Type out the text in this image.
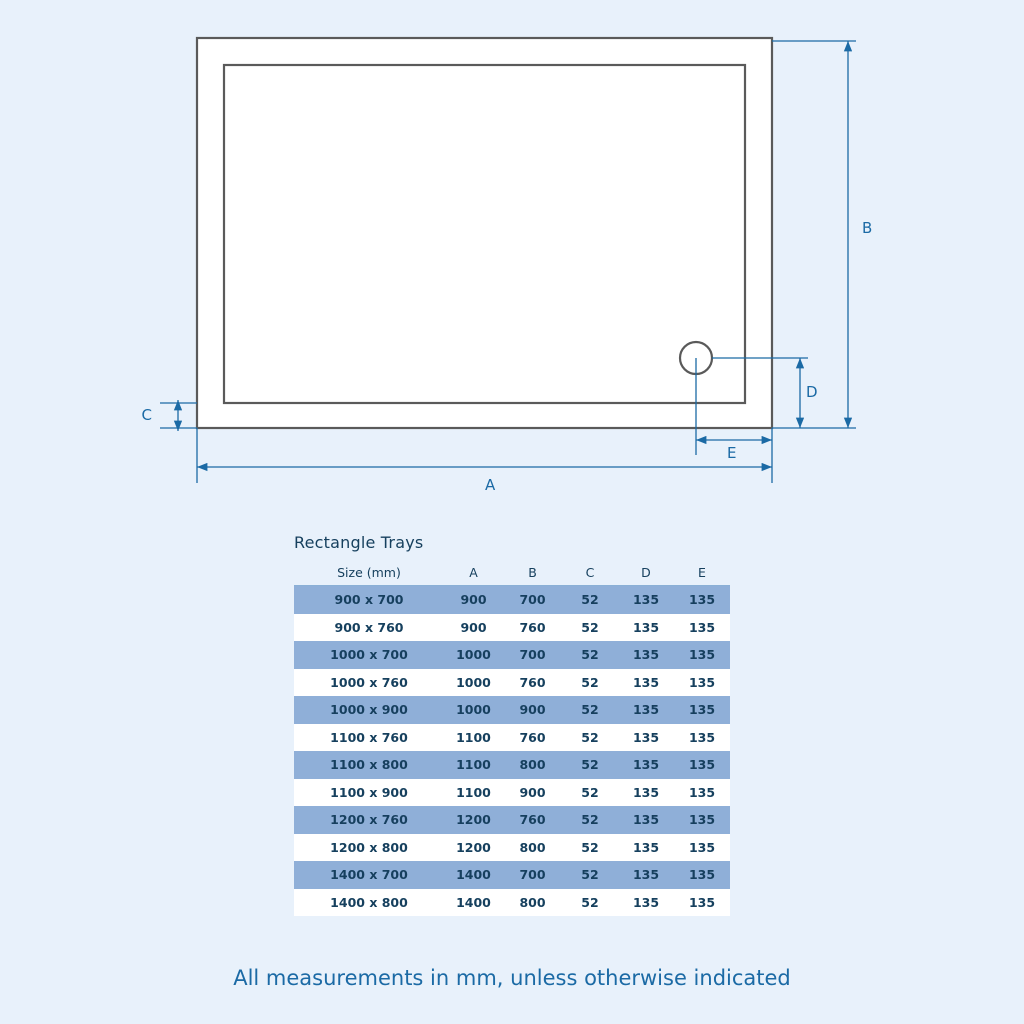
B
D
E
C
A
Rectangle Trays
Size (mm)	A	B	C	D	E
900 x 700	900	700	52	135	135
900 x 760	900	760	52	135	135
1000 x 700	1000	700	52	135	135
1000 x 760	1000	760	52	135	135
1000 x 900	1000	900	52	135	135
1100 x 760	1100	760	52	135	135
1100 x 800	1100	800	52	135	135
1100 x 900	1100	900	52	135	135
1200 x 760	1200	760	52	135	135
1200 x 800	1200	800	52	135	135
1400 x 700	1400	700	52	135	135
1400 x 800	1400	800	52	135	135
All measurements in mm, unless otherwise indicated
